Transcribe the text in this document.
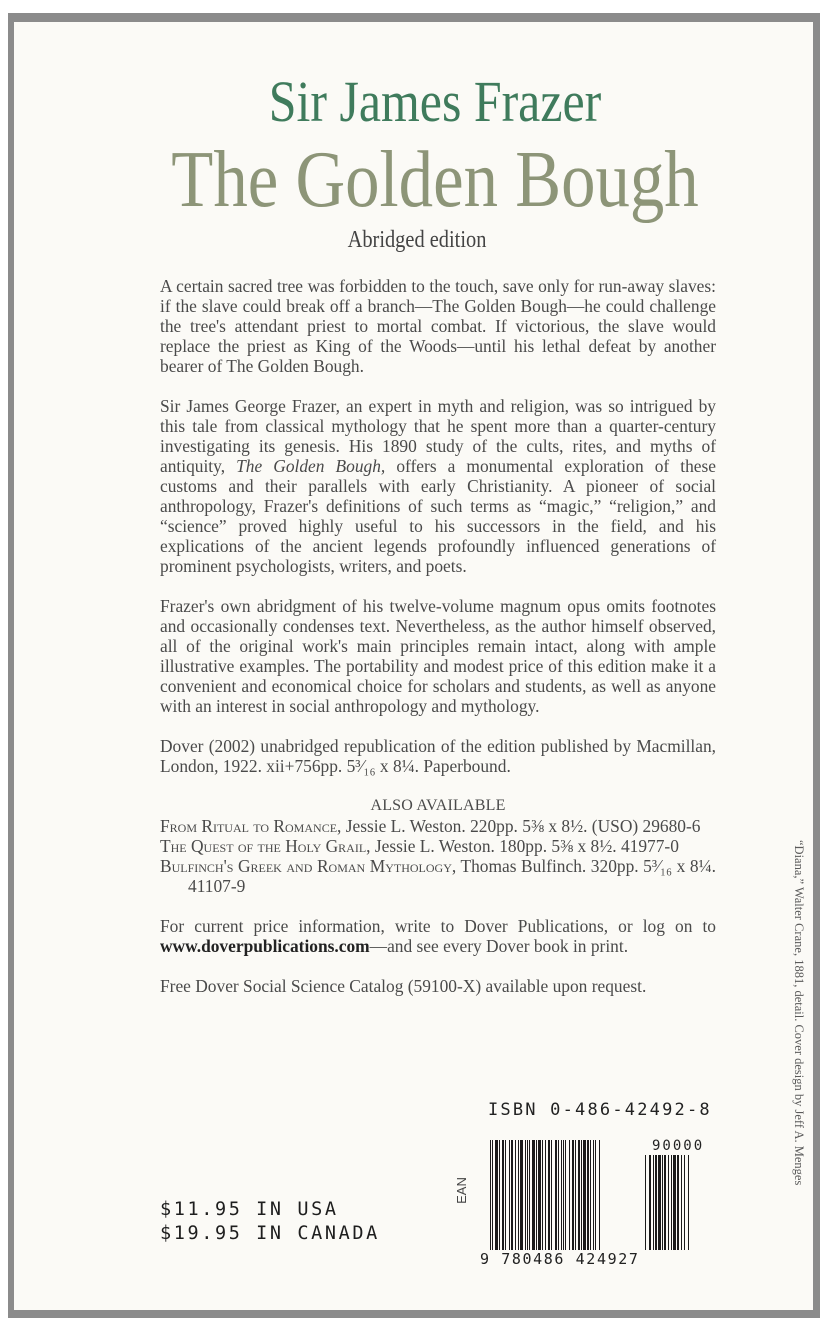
Sir James Frazer
The Golden Bough
Abridged edition

A certain sacred tree was forbidden to the touch, save only for run-away slaves: if the slave could break off a branch—The Golden Bough—he could challenge the tree's attendant priest to mortal combat. If victorious, the slave would replace the priest as King of the Woods—until his lethal defeat by another bearer of The Golden Bough.

Sir James George Frazer, an expert in myth and religion, was so intrigued by this tale from classical mythology that he spent more than a quarter-century investigating its genesis. His 1890 study of the cults, rites, and myths of antiquity, The Golden Bough, offers a monumental exploration of these customs and their parallels with early Christianity. A pioneer of social anthropology, Frazer's definitions of such terms as “magic,” “religion,” and “science” proved highly useful to his successors in the field, and his explications of the ancient legends profoundly influenced generations of prominent psychologists, writers, and poets.

Frazer's own abridgment of his twelve-volume magnum opus omits footnotes and occasionally condenses text. Nevertheless, as the author himself observed, all of the original work's main principles remain intact, along with ample illustrative examples. The portability and modest price of this edition make it a convenient and economical choice for scholars and students, as well as anyone with an interest in social anthropology and mythology.

Dover (2002) unabridged republication of the edition published by Macmillan, London, 1922. xii+756pp. 5³⁄₁₆ x 8¼. Paperbound.

ALSO AVAILABLE
From Ritual to Romance, Jessie L. Weston. 220pp. 5⅜ x 8½. (USO) 29680-6
The Quest of the Holy Grail, Jessie L. Weston. 180pp. 5⅜ x 8½. 41977-0
Bulfinch's Greek and Roman Mythology, Thomas Bulfinch. 320pp. 5³⁄₁₆ x 8¼. 41107-9

For current price information, write to Dover Publications, or log on to www.doverpublications.com—and see every Dover book in print.

Free Dover Social Science Catalog (59100-X) available upon request.

ISBN 0-486-42492-8
EAN
9 780486 424927
90000
$11.95 IN USA
$19.95 IN CANADA
“Diana,” Walter Crane, 1881, detail. Cover design by Jeff A. Menges
